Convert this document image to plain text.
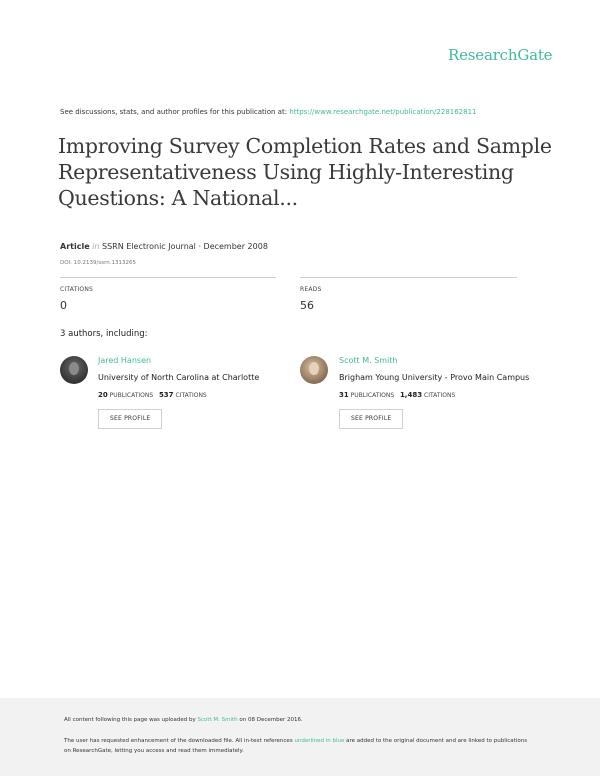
ResearchGate
See discussions, stats, and author profiles for this publication at: https://www.researchgate.net/publication/228162811
Improving Survey Completion Rates and Sample Representativeness Using Highly-Interesting Questions: A National...
Article in SSRN Electronic Journal · December 2008
DOI: 10.2139/ssrn.1313265
CITATIONS
0
READS
56
3 authors, including:
Jared Hansen
University of North Carolina at Charlotte
20 PUBLICATIONS 537 CITATIONS
SEE PROFILE
Scott M. Smith
Brigham Young University - Provo Main Campus
31 PUBLICATIONS 1,483 CITATIONS
SEE PROFILE
All content following this page was uploaded by Scott M. Smith on 08 December 2016.
The user has requested enhancement of the downloaded file. All in-text references underlined in blue are added to the original document and are linked to publications on ResearchGate, letting you access and read them immediately.
